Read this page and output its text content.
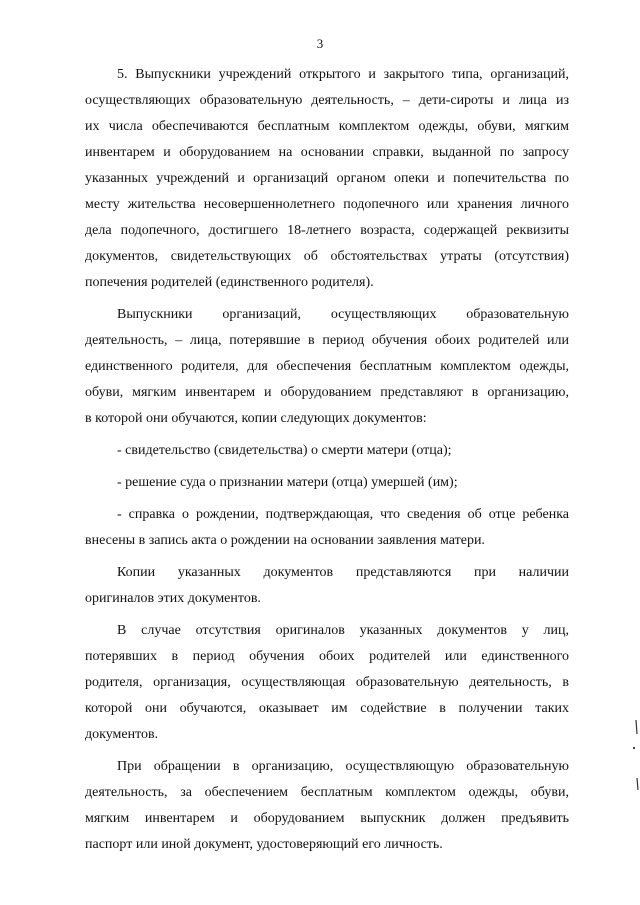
3
5. Выпускники учреждений открытого и закрытого типа, организаций,
осуществляющих образовательную деятельность, – дети-сироты и лица из
их числа обеспечиваются бесплатным комплектом одежды, обуви, мягким
инвентарем и оборудованием на основании справки, выданной по запросу
указанных учреждений и организаций органом опеки и попечительства по
месту жительства несовершеннолетнего подопечного или хранения личного
дела подопечного, достигшего 18-летнего возраста, содержащей реквизиты
документов, свидетельствующих об обстоятельствах утраты (отсутствия)
попечения родителей (единственного родителя).
Выпускники организаций, осуществляющих образовательную
деятельность, – лица, потерявшие в период обучения обоих родителей или
единственного родителя, для обеспечения бесплатным комплектом одежды,
обуви, мягким инвентарем и оборудованием представляют в организацию,
в которой они обучаются, копии следующих документов:
- свидетельство (свидетельства) о смерти матери (отца);
- решение суда о признании матери (отца) умершей (им);
- справка о рождении, подтверждающая, что сведения об отце ребенка
внесены в запись акта о рождении на основании заявления матери.
Копии указанных документов представляются при наличии
оригиналов этих документов.
В случае отсутствия оригиналов указанных документов у лиц,
потерявших в период обучения обоих родителей или единственного
родителя, организация, осуществляющая образовательную деятельность, в
которой они обучаются, оказывает им содействие в получении таких
документов.
При обращении в организацию, осуществляющую образовательную
деятельность, за обеспечением бесплатным комплектом одежды, обуви,
мягким инвентарем и оборудованием выпускник должен предъявить
паспорт или иной документ, удостоверяющий его личность.
